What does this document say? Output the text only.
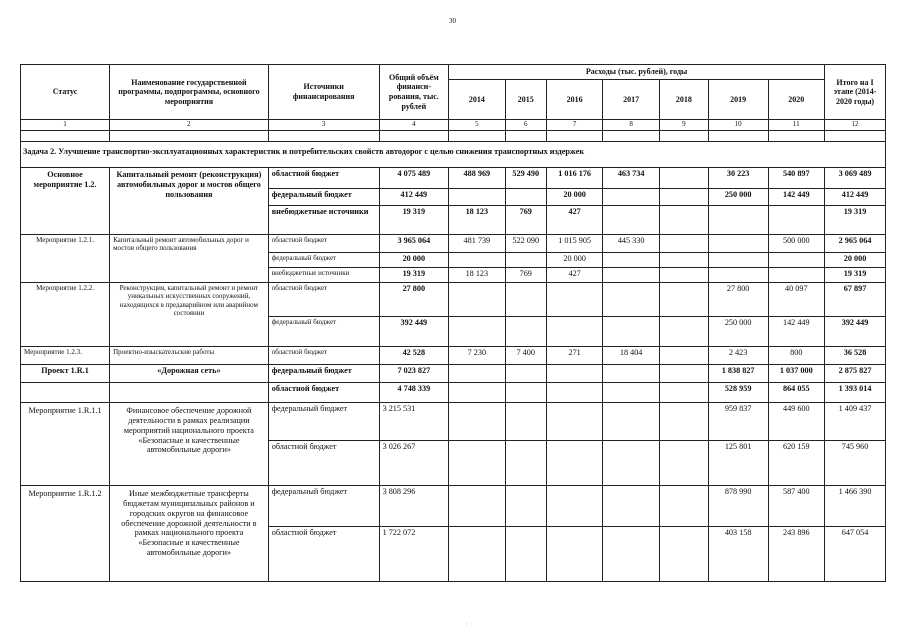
30
Статус	Наименование государственной программы, подпрограммы, основного мероприятия	Источники финансирования	Общий объём финанси-рования, тыс. рублей	Расходы (тыс. рублей), годы							Итого на I этапе (2014-2020 годы)
				2014	2015	2016	2017	2018	2019	2020	
1	2	3	4	5	6	7	8	9	10	11	12

Задача 2. Улучшение транспортно-эксплуатационных характеристик и потребительских свойств автодорог с целью снижения транспортных издержек											
Основное мероприятие 1.2.	Капитальный ремонт (реконструкция) автомобильных дорог и мостов общего пользования	областной бюджет	4 075 489	488 969	529 490	1 016 176	463 734		30 223	540 897	3 069 489
		федеральный бюджет	412 449			20 000			250 000	142 449	412 449
		внебюджетные источники	19 319	18 123	769	427					19 319
Мероприятие 1.2.1.	Капитальный ремонт автомобильных дорог и мостов общего пользования	областной бюджет	3 965 064	481 739	522 090	1 015 905	445 330			500 000	2 965 064
		федеральный бюджет	20 000			20 000					20 000
		внебюджетные источники	19 319	18 123	769	427					19 319
Мероприятие 1.2.2.	Реконструкция, капитальный ремонт и ремонт уникальных искусственных сооружений, находящихся в предаварийном или аварийном состоянии	областной бюджет	27 800						27 800	40 097	67 897
		федеральный бюджет	392 449						250 000	142 449	392 449
Мероприятие 1.2.3.	Проектно-изыскательские работы	областной бюджет	42 528	7 230	7 400	271	18 404		2 423	800	36 528
Проект 1.R.1	«Дорожная сеть»	федеральный бюджет	7 023 827						1 838 827	1 037 000	2 875 827
		областной бюджет	4 748 339						528 959	864 055	1 393 014
Мероприятие 1.R.1.1	Финансовое обеспечение дорожной деятельности в рамках реализации мероприятий национального проекта «Безопасные и качественные автомобильные дороги»	федеральный бюджет	3 215 531						959 837	449 600	1 409 437
		областной бюджет	3 026 267						125 801	620 159	745 960
Мероприятие 1.R.1.2	Иные межбюджетные трансферты бюджетам муниципальных районов и городских округов на финансовое обеспечение дорожной деятельности в рамках национального проекта «Безопасные и качественные автомобильные дороги»	федеральный бюджет	3 808 296						878 990	587 400	1 466 390
		областной бюджет	1 722 072						403 158	243 896	647 054
'
